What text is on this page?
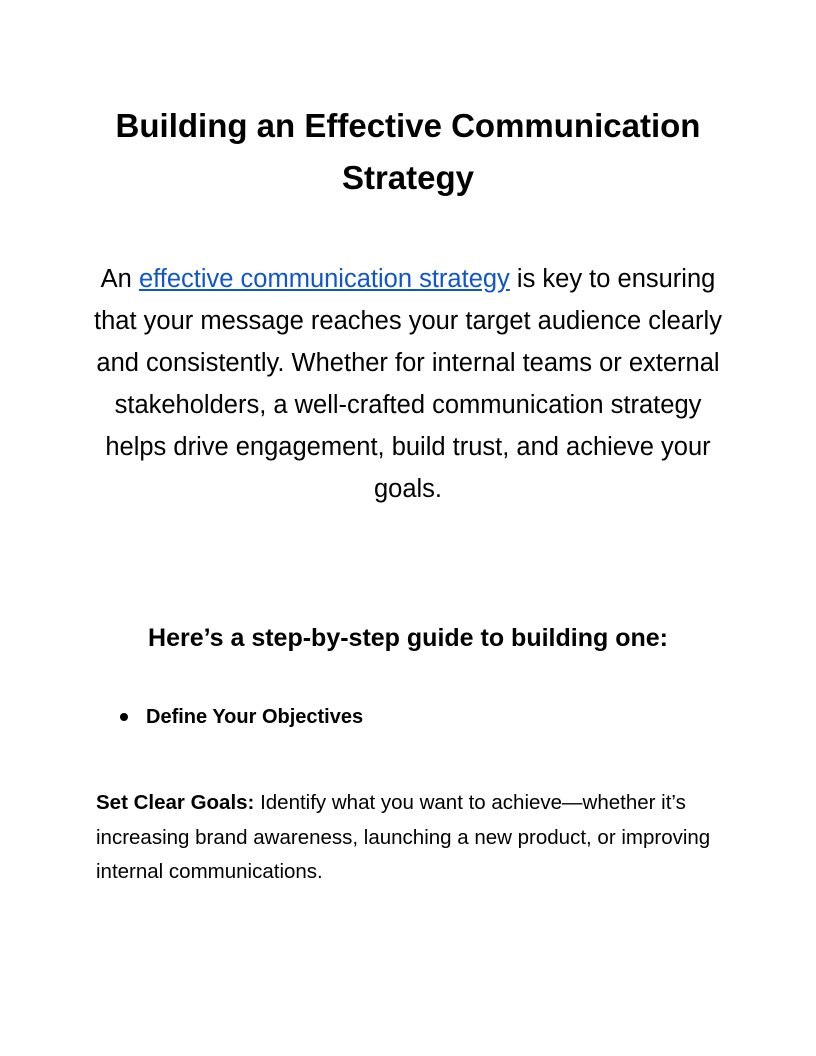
Building an Effective Communication Strategy

An effective communication strategy is key to ensuring that your message reaches your target audience clearly and consistently. Whether for internal teams or external stakeholders, a well-crafted communication strategy helps drive engagement, build trust, and achieve your goals.

Here’s a step-by-step guide to building one:
Define Your Objectives

Set Clear Goals: Identify what you want to achieve—whether it’s increasing brand awareness, launching a new product, or improving internal communications.
